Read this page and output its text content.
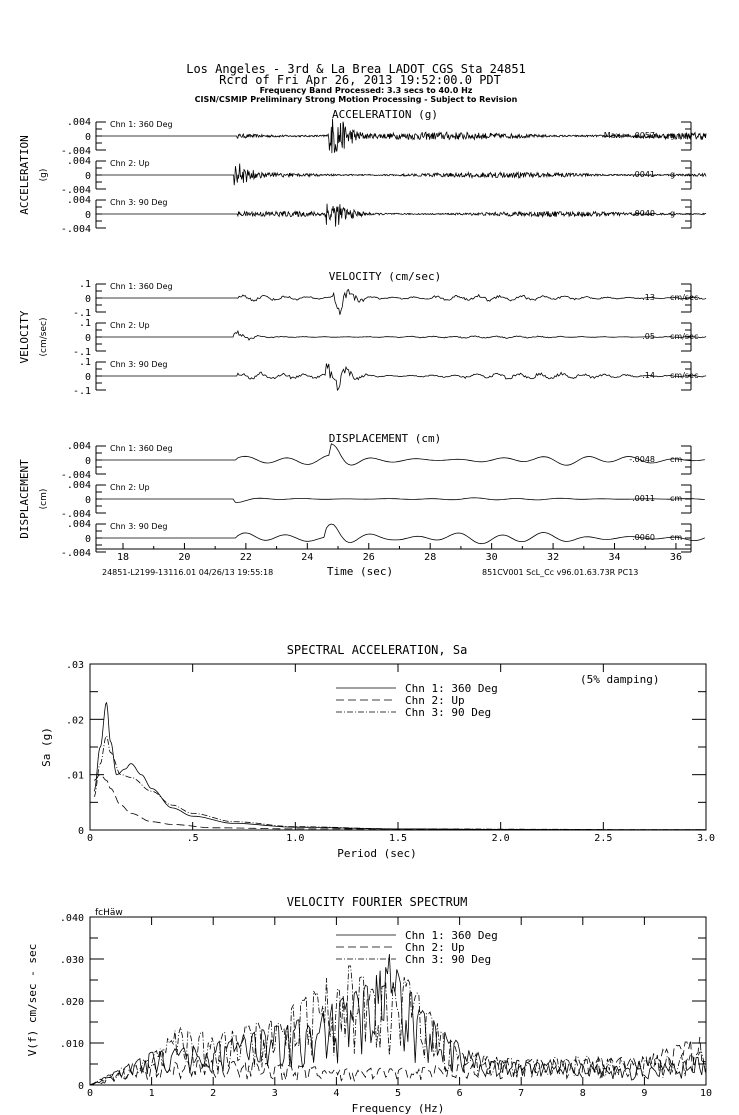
Los Angeles - 3rd & La Brea LADOT CGS Sta 24851
Rcrd of Fri Apr 26, 2013 19:52:00.0 PDT
Frequency Band Processed: 3.3 secs to 40.0 Hz
CISN/CSMIP Preliminary Strong Motion Processing - Subject to Revision
ACCELERATION (g)
ACCELERATION (g)
.004
0
-.004
Chn 1: 360 Deg
Max = .0057 g
.004
0
-.004
Chn 2: Up
-.0041 g
.004
0
-.004
Chn 3: 90 Deg
.0040 g
VELOCITY (cm/sec)
VELOCITY (cm/sec)
.1
0
-.1
Chn 1: 360 Deg
.13 cm/sec
.1
0
-.1
Chn 2: Up
.05 cm/sec
.1
0
-.1
Chn 3: 90 Deg
-.14 cm/sec
DISPLACEMENT (cm)
DISPLACEMENT (cm)
.004
0
-.004
Chn 1: 360 Deg
-.0048 cm
.004
0
-.004
Chn 2: Up
.0011 cm
.004
0
-.004
Chn 3: 90 Deg
.0060 cm
18	20	22	24	26	28	30	32	34	36
24851-L2199-13116.01 04/26/13 19:55:18	Time (sec)	851CV001 ScL_Cc v96.01.63.73R PC13
SPECTRAL ACCELERATION, Sa
(5% damping)
Period (sec)
Sa (g)
0	.5	1.0	1.5	2.0	2.5	3.0
0
.01
.02
.03
Chn 1: 360 Deg
Chn 2: Up
Chn 3: 90 Deg
VELOCITY FOURIER SPECTRUM
fcHäw
Frequency (Hz)
V(f) cm/sec - sec
0	1	2	3	4	5	6	7	8	9	10
0
.010
.020
.030
.040
Chn 1: 360 Deg
Chn 2: Up
Chn 3: 90 Deg
